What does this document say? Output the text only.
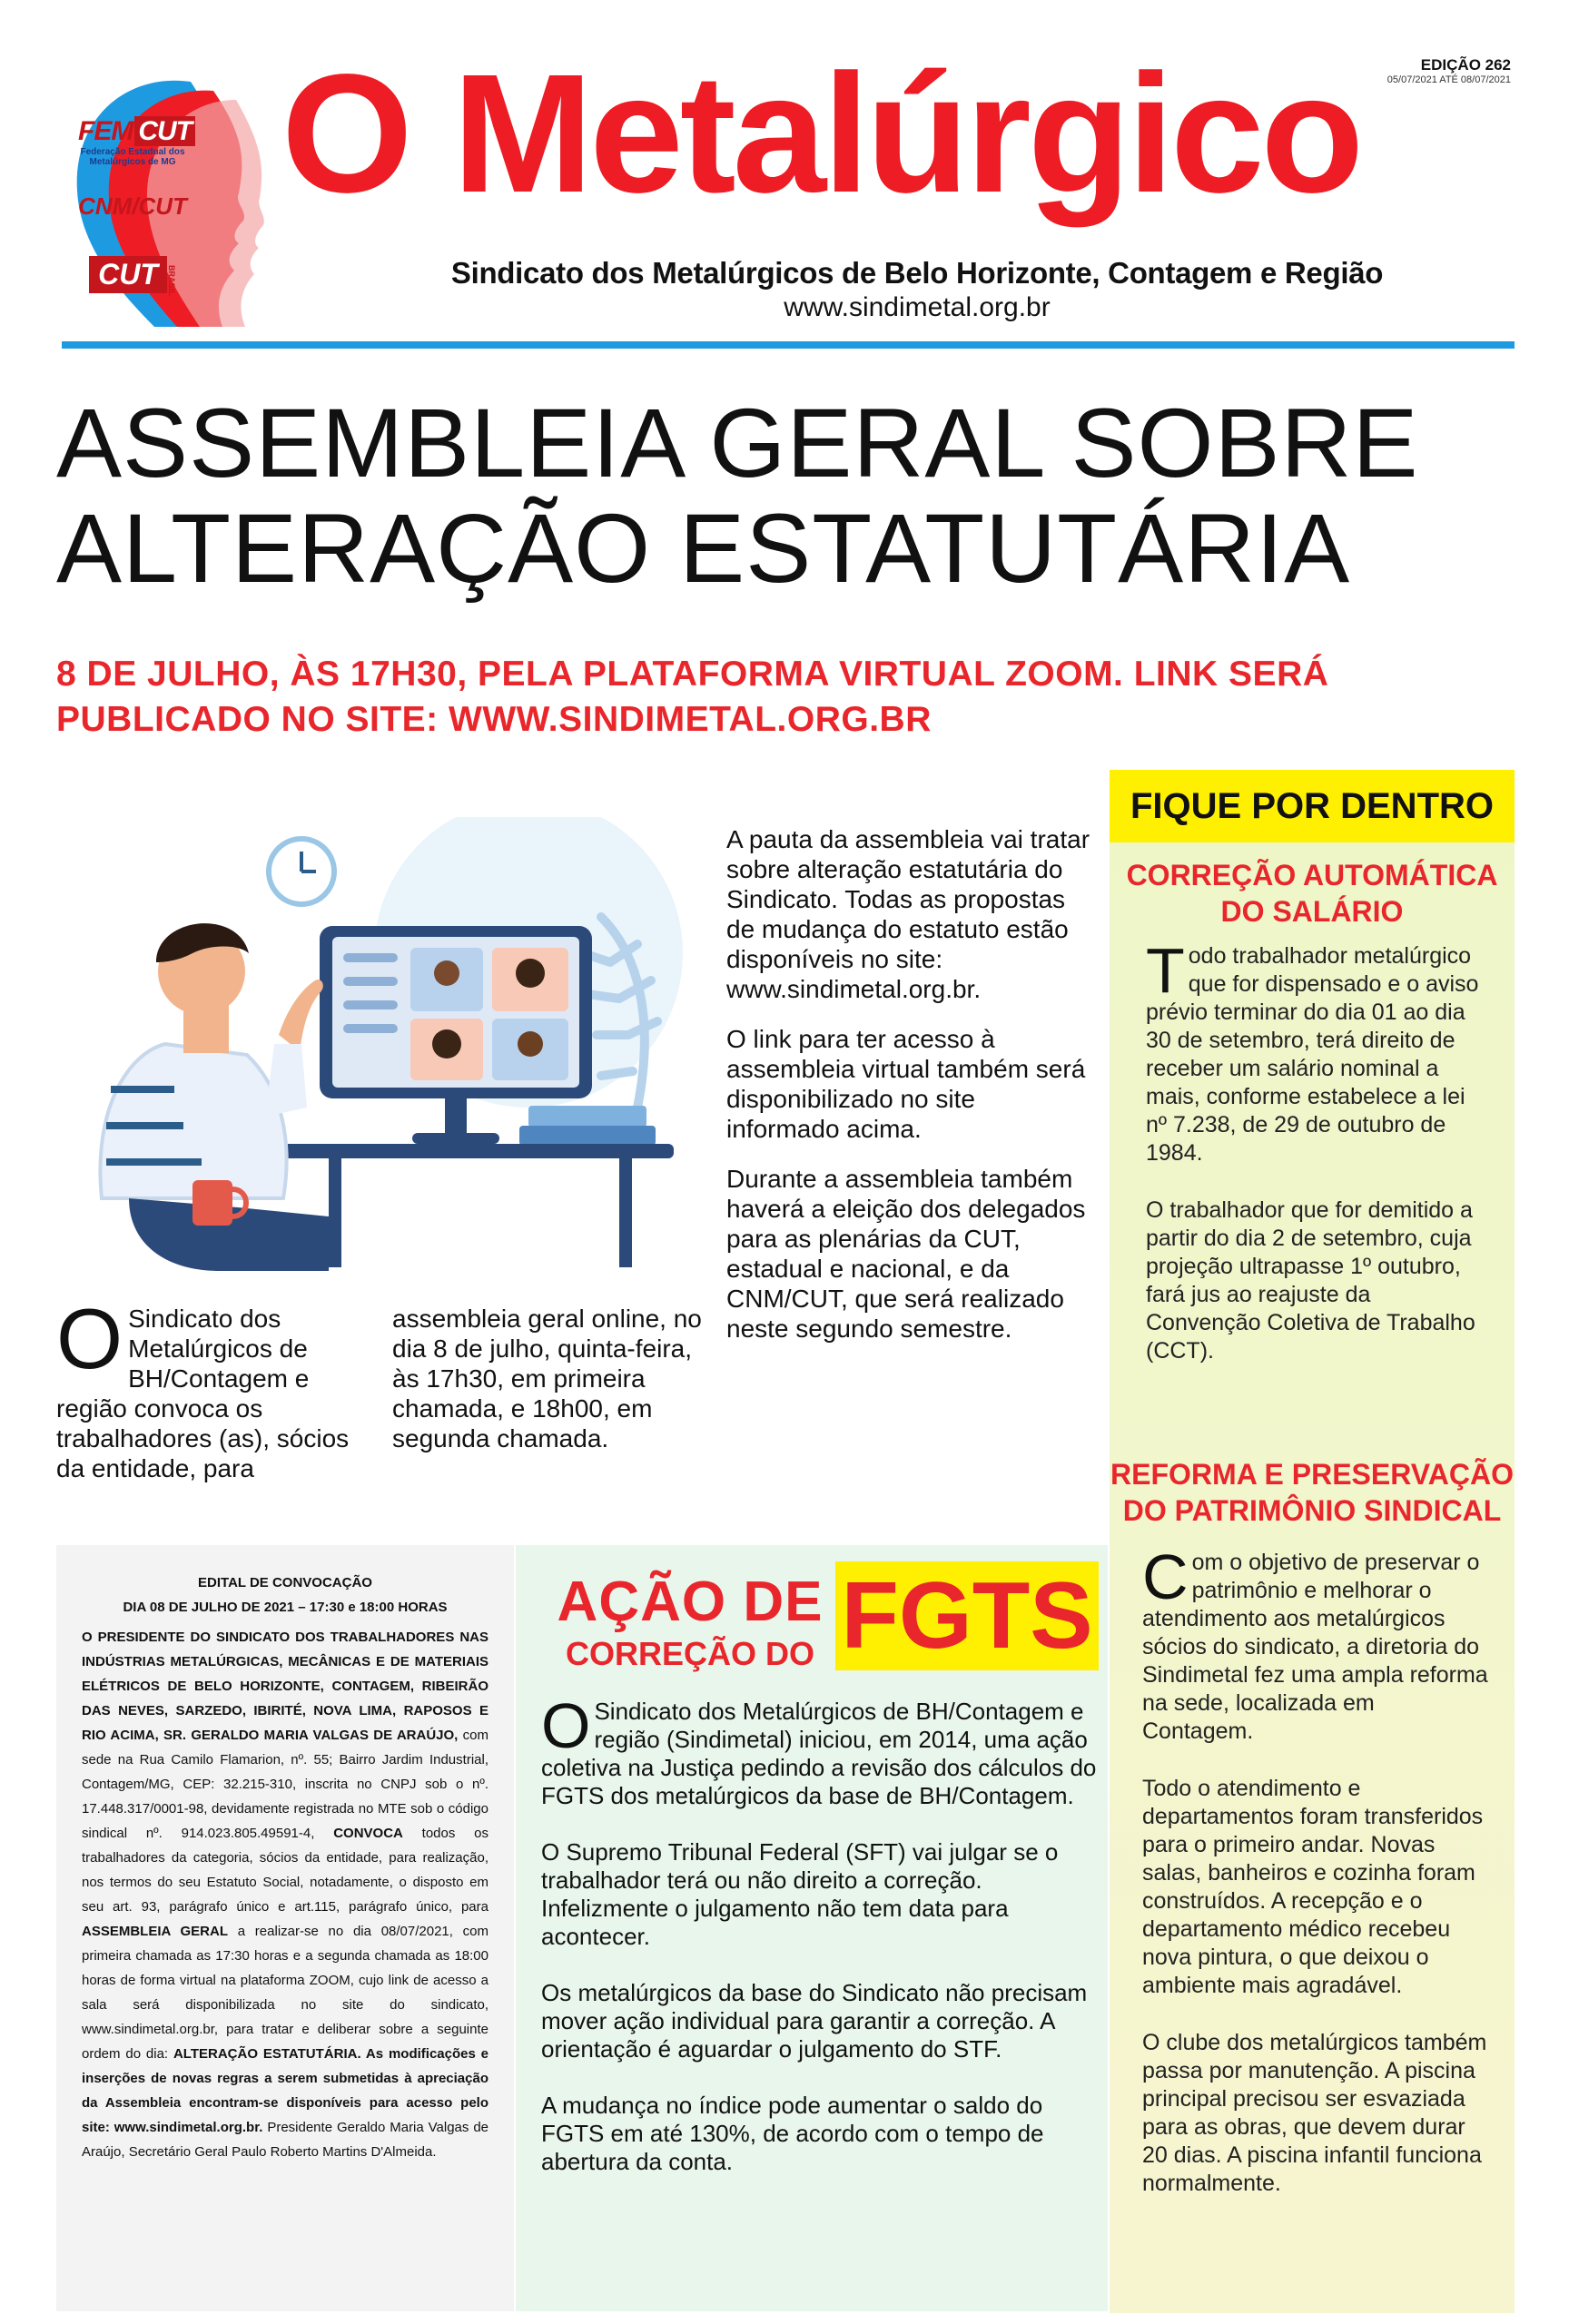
FEM CUT
Federação Estadual dos Metalúrgicos de MG
CNM/CUT
CUT BRASIL
O Metalúrgico	EDIÇÃO 262
05/07/2021 ATÉ 08/07/2021
Sindicato dos Metalúrgicos de Belo Horizonte, Contagem e Região
www.sindimetal.org.br
ASSEMBLEIA GERAL SOBRE
ALTERAÇÃO ESTATUTÁRIA
8 DE JULHO, ÀS 17H30, PELA PLATAFORMA VIRTUAL ZOOM. LINK SERÁ PUBLICADO NO SITE: WWW.SINDIMETAL.ORG.BR
O Sindicato dos Metalúrgicos de BH/Contagem e região convoca os trabalhadores (as), sócios da entidade, para
assembleia geral online, no dia 8 de julho, quinta-feira, às 17h30, em primeira chamada, e 18h00, em segunda chamada.

A pauta da assembleia vai tratar sobre alteração estatutária do Sindicato. Todas as propostas de mudança do estatuto estão disponíveis no site: www.sindimetal.org.br.

O link para ter acesso à assembleia virtual também será disponibilizado no site informado acima.

Durante a assembleia também haverá a eleição dos delegados para as plenárias da CUT, estadual e nacional, e da CNM/CUT, que será realizado neste segundo semestre.

FIQUE POR DENTRO
CORREÇÃO AUTOMÁTICA DO SALÁRIO

Todo trabalhador metalúrgico que for dispensado e o aviso prévio terminar do dia 01 ao dia 30 de setembro, terá direito de receber um salário nominal a mais, conforme estabelece a lei nº 7.238, de 29 de outubro de 1984.

O trabalhador que for demitido a partir do dia 2 de setembro, cuja projeção ultrapasse 1º outubro, fará jus ao reajuste da Convenção Coletiva de Trabalho (CCT).

REFORMA E PRESERVAÇÃO DO PATRIMÔNIO SINDICAL

Com o objetivo de preservar o patrimônio e melhorar o atendimento aos metalúrgicos sócios do sindicato, a diretoria do Sindimetal fez uma ampla reforma na sede, localizada em Contagem.

Todo o atendimento e departamentos foram transferidos para o primeiro andar. Novas salas, banheiros e cozinha foram construídos. A recepção e o departamento médico recebeu nova pintura, o que deixou o ambiente mais agradável.

O clube dos metalúrgicos também passa por manutenção. A piscina principal precisou ser esvaziada para as obras, que devem durar 20 dias. A piscina infantil funciona normalmente.

EDITAL DE CONVOCAÇÃO
DIA 08 DE JULHO DE 2021 – 17:30 e 18:00 HORAS
O PRESIDENTE DO SINDICATO DOS TRABALHADORES NAS INDÚSTRIAS METALÚRGICAS, MECÂNICAS E DE MATERIAIS ELÉTRICOS DE BELO HORIZONTE, CONTAGEM, RIBEIRÃO DAS NEVES, SARZEDO, IBIRITÉ, NOVA LIMA, RAPOSOS E RIO ACIMA, SR. GERALDO MARIA VALGAS DE ARAÚJO, com sede na Rua Camilo Flamarion, nº. 55; Bairro Jardim Industrial, Contagem/MG, CEP: 32.215-310, inscrita no CNPJ sob o nº. 17.448.317/0001-98, devidamente registrada no MTE sob o código sindical nº. 914.023.805.49591-4, CONVOCA todos os trabalhadores da categoria, sócios da entidade, para realização, nos termos do seu Estatuto Social, notadamente, o disposto em seu art. 93, parágrafo único e art.115, parágrafo único, para ASSEMBLEIA GERAL a realizar-se no dia 08/07/2021, com primeira chamada as 17:30 horas e a segunda chamada as 18:00 horas de forma virtual na plataforma ZOOM, cujo link de acesso a sala será disponibilizada no site do sindicato, www.sindimetal.org.br, para tratar e deliberar sobre a seguinte ordem do dia: ALTERAÇÃO ESTATUTÁRIA. As modificações e inserções de novas regras a serem submetidas à apreciação da Assembleia encontram-se disponíveis para acesso pelo site: www.sindimetal.org.br. Presidente Geraldo Maria Valgas de Araújo, Secretário Geral Paulo Roberto Martins D'Almeida.
AÇÃO DE
CORREÇÃO DO FGTS

O Sindicato dos Metalúrgicos de BH/Contagem e região (Sindimetal) iniciou, em 2014, uma ação coletiva na Justiça pedindo a revisão dos cálculos do FGTS dos metalúrgicos da base de BH/Contagem.

O Supremo Tribunal Federal (SFT) vai julgar se o trabalhador terá ou não direito a correção. Infelizmente o julgamento não tem data para acontecer.

Os metalúrgicos da base do Sindicato não precisam mover ação individual para garantir a correção. A orientação é aguardar o julgamento do STF.

A mudança no índice pode aumentar o saldo do FGTS em até 130%, de acordo com o tempo de abertura da conta.
